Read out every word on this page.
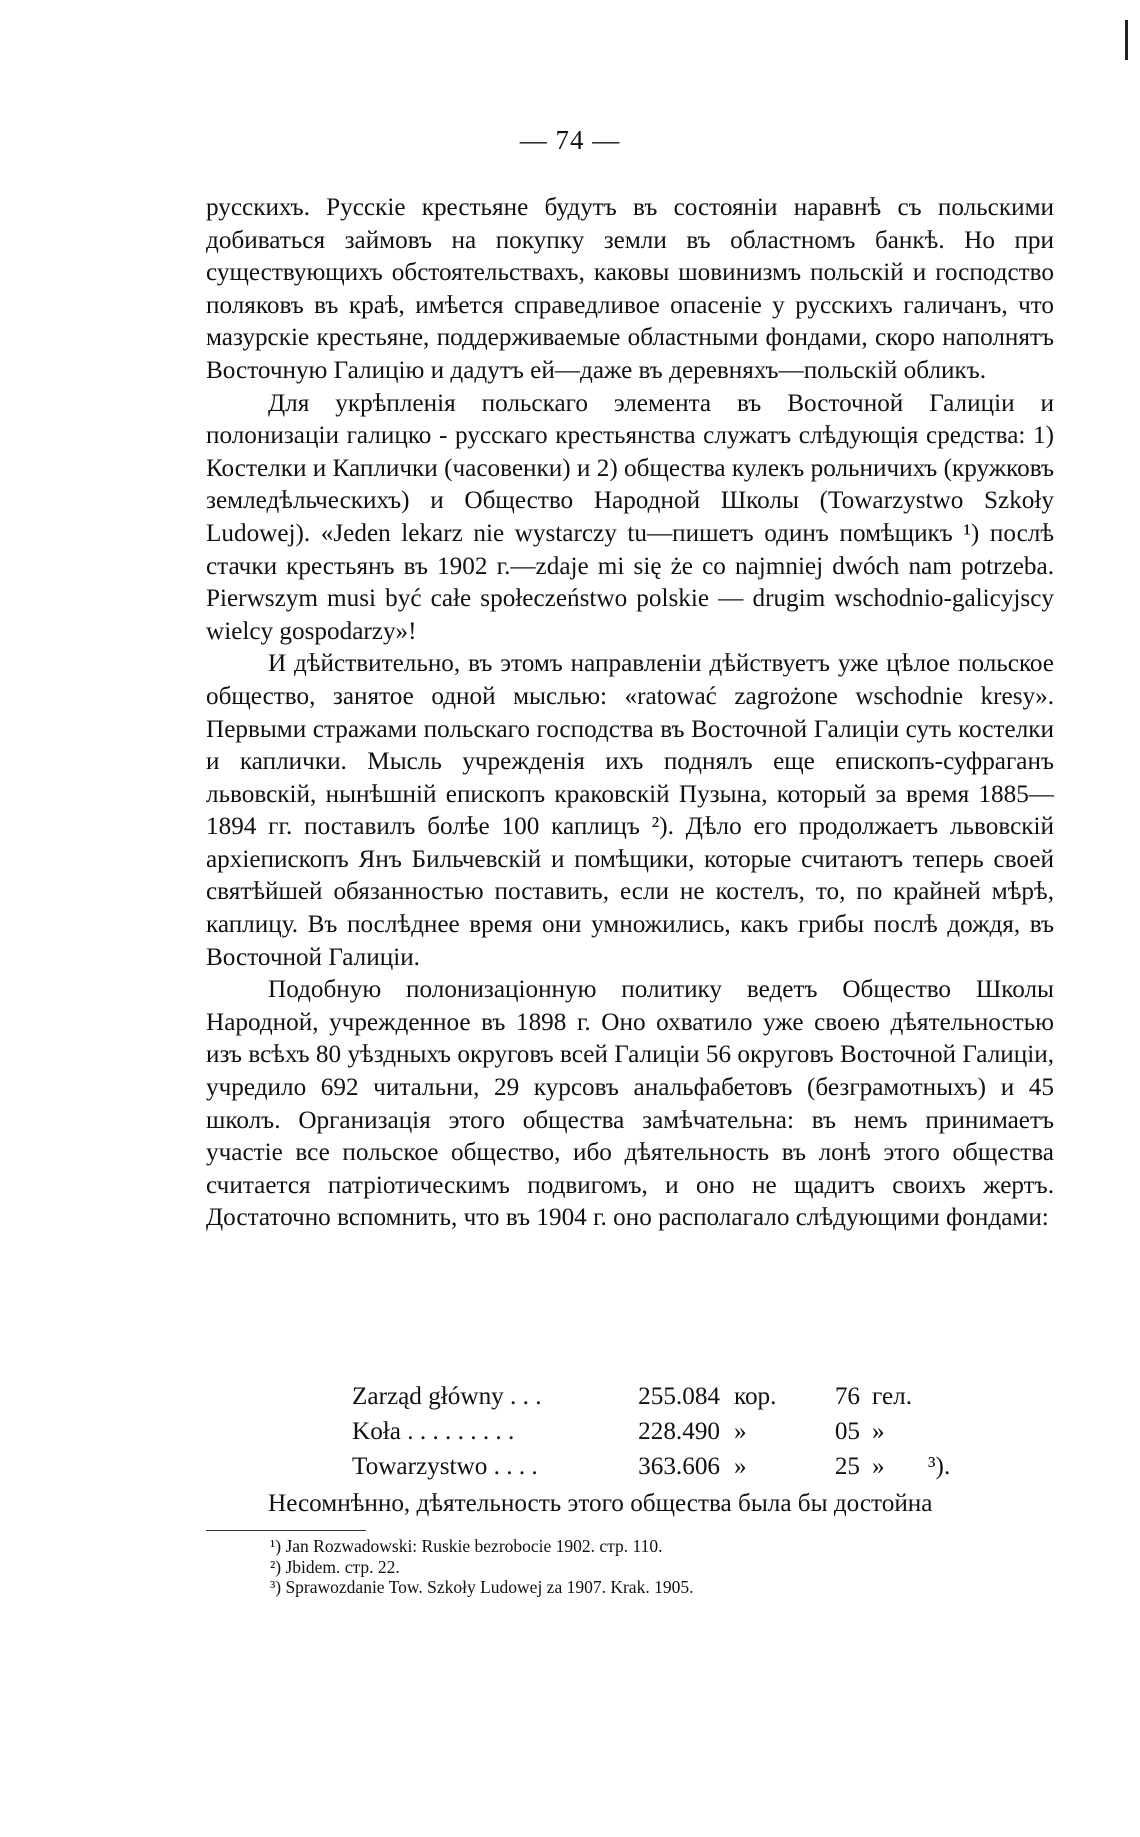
— 74 —

русскихъ. Русскіе крестьяне будутъ въ состояніи наравнѣ съ польскими добиваться займовъ на покупку земли въ областномъ банкѣ. Но при существующихъ обстоятельствахъ, каковы шовинизмъ польскій и господство поляковъ въ краѣ, имѣется справедливое опасеніе у русскихъ галичанъ, что мазурскіе крестьяне, поддерживаемые областными фондами, скоро наполнятъ Восточную Галицію и дадутъ ей—даже въ деревняхъ—польскій обликъ.

Для укрѣпленія польскаго элемента въ Восточной Галиціи и полонизаціи галицко - русскаго крестьянства служатъ слѣдующія средства: 1) Костелки и Каплички (часовенки) и 2) общества кулекъ рольничихъ (кружковъ земледѣльческихъ) и Общество Народной Школы (Towarzystwo Szkoły Ludowej). «Jeden lekarz nie wystarczy tu—пишетъ одинъ помѣщикъ ¹) послѣ стачки крестьянъ въ 1902 г.—zdaje mi się że co najmniej dwóch nam potrzeba. Pierwszym musi być całe społeczeństwo polskie — drugim wschodnio-galicyjscy wielcy gospodarzy»!

И дѣйствительно, въ этомъ направленіи дѣйствуетъ уже цѣлое польское общество, занятое одной мыслью: «ratować zagrożone wschodnie kresy». Первыми стражами польскаго господства въ Восточной Галиціи суть костелки и каплички. Мысль учрежденія ихъ поднялъ еще епископъ-суфраганъ львовскій, нынѣшній епископъ краковскій Пузына, который за время 1885—1894 гг. поставилъ болѣе 100 каплицъ ²). Дѣло его продолжаетъ львовскій архіепископъ Янъ Бильчевскій и помѣщики, которые считаютъ теперь своей святѣйшей обязанностью поставить, если не костелъ, то, по крайней мѣрѣ, каплицу. Въ послѣднее время они умножились, какъ грибы послѣ дождя, въ Восточной Галиціи.

Подобную полонизаціонную политику ведетъ Общество Школы Народной, учрежденное въ 1898 г. Оно охватило уже своею дѣятельностью изъ всѣхъ 80 уѣздныхъ округовъ всей Галиціи 56 округовъ Восточной Галиціи, учредило 692 читальни, 29 курсовъ анальфабетовъ (безграмотныхъ) и 45 школъ. Организація этого общества замѣчательна: въ немъ принимаетъ участіе все польское общество, ибо дѣятельность въ лонѣ этого общества считается патріотическимъ подвигомъ, и оно не щадитъ своихъ жертъ. Достаточно вспомнить, что въ 1904 г. оно располагало слѣдующими фондами:

Zarząd główny . . .	255.084 кор.	76 гел.
Koła . . . . . . . . .	228.490 »	05 »
Towarzystwo . . . .	363.606 »	25 »	³).

Несомнѣнно, дѣятельность этого общества была бы достойна

¹) Jan Rozwadowski: Ruskie bezrobocie 1902. стр. 110.

²) Jbidem. стр. 22.

³) Sprawozdanie Tow. Szkoły Ludowej za 1907. Krak. 1905.
